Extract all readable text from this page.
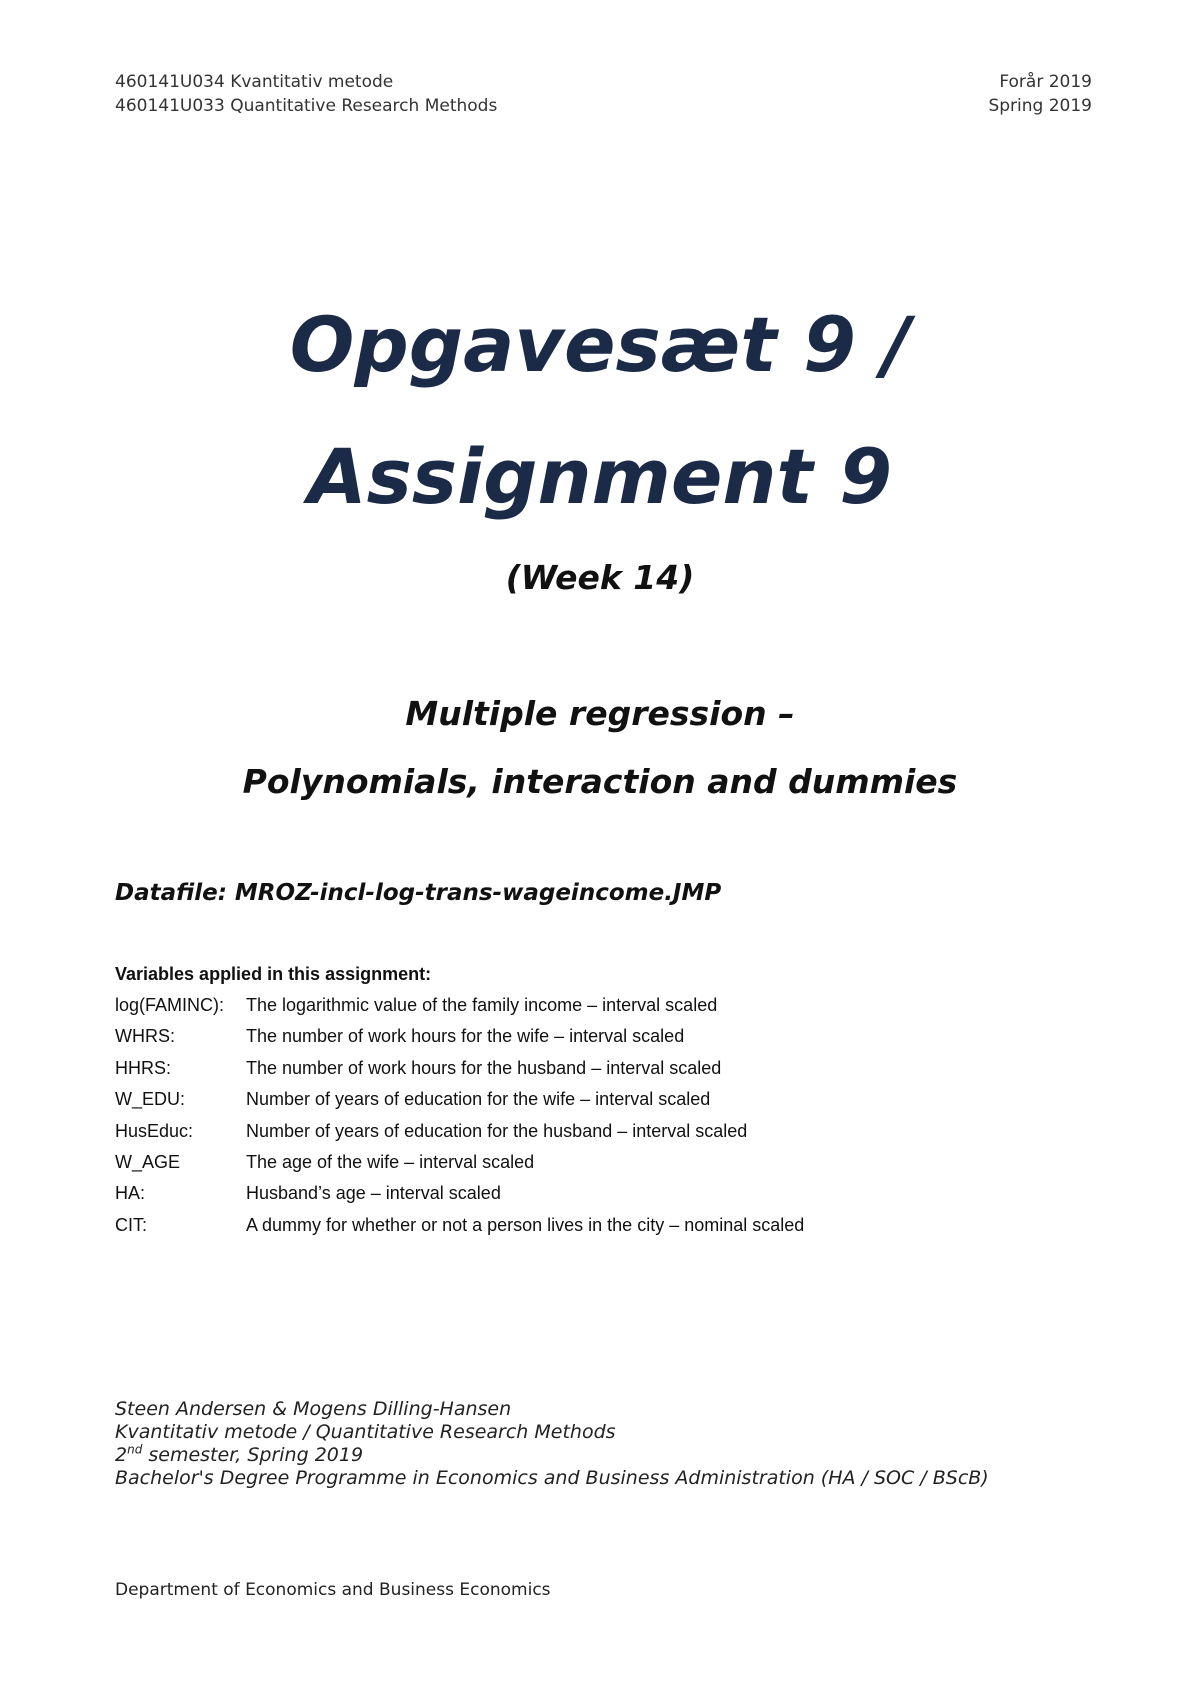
460141U034 Kvantitativ metode
460141U033 Quantitative Research Methods
Forår 2019
Spring 2019
Opgavesæt 9 /
Assignment 9
(Week 14)
Multiple regression –
Polynomials, interaction and dummies
Datafile: MROZ-incl-log-trans-wageincome.JMP
Variables applied in this assignment:
log(FAMINC):	The logarithmic value of the family income – interval scaled
WHRS:	The number of work hours for the wife – interval scaled
HHRS:	The number of work hours for the husband – interval scaled
W_EDU:	Number of years of education for the wife – interval scaled
HusEduc:	Number of years of education for the husband – interval scaled
W_AGE	The age of the wife – interval scaled
HA:	Husband’s age – interval scaled
CIT:	A dummy for whether or not a person lives in the city – nominal scaled
Steen Andersen & Mogens Dilling-Hansen
Kvantitativ metode / Quantitative Research Methods
2nd semester, Spring 2019
Bachelor's Degree Programme in Economics and Business Administration (HA / SOC / BScB)
Department of Economics and Business Economics
